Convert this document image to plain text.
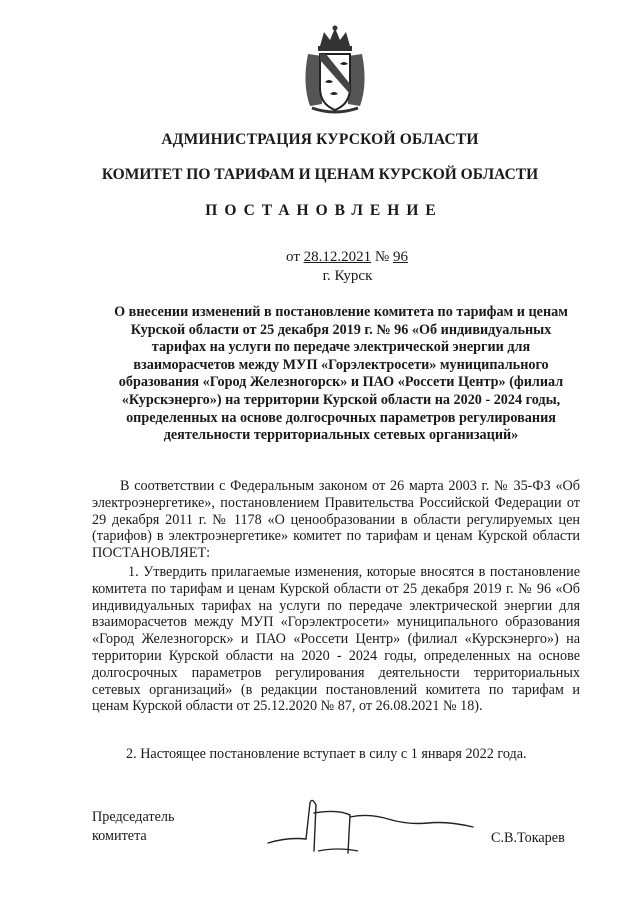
АДМИНИСТРАЦИЯ КУРСКОЙ ОБЛАСТИ
КОМИТЕТ ПО ТАРИФАМ И ЦЕНАМ КУРСКОЙ ОБЛАСТИ
ПОСТАНОВЛЕНИЕ
от 28.12.2021 № 96
г. Курск
О внесении изменений в постановление комитета по тарифам и ценам Курской области от 25 декабря 2019 г. № 96 «Об индивидуальных тарифах на услуги по передаче электрической энергии для взаиморасчетов между МУП «Горэлектросети» муниципального образования «Город Железногорск» и ПАО «Россети Центр» (филиал «Курскэнерго») на территории Курской области на 2020 - 2024 годы, определенных на основе долгосрочных параметров регулирования деятельности территориальных сетевых организаций»
В соответствии с Федеральным законом от 26 марта 2003 г. № 35-ФЗ «Об электроэнергетике», постановлением Правительства Российской Федерации от 29 декабря 2011 г. № 1178 «О ценообразовании в области регулируемых цен (тарифов) в электроэнергетике» комитет по тарифам и ценам Курской области ПОСТАНОВЛЯЕТ:
1. Утвердить прилагаемые изменения, которые вносятся в постановление комитета по тарифам и ценам Курской области от 25 декабря 2019 г. № 96 «Об индивидуальных тарифах на услуги по передаче электрической энергии для взаиморасчетов между МУП «Горэлектросети» муниципального образования «Город Железногорск» и ПАО «Россети Центр» (филиал «Курскэнерго») на территории Курской области на 2020 - 2024 годы, определенных на основе долгосрочных параметров регулирования деятельности территориальных сетевых организаций» (в редакции постановлений комитета по тарифам и ценам Курской области от 25.12.2020 № 87, от 26.08.2021 № 18).
2. Настоящее постановление вступает в силу с 1 января 2022 года.
Председатель
комитета	С.В.Токарев
